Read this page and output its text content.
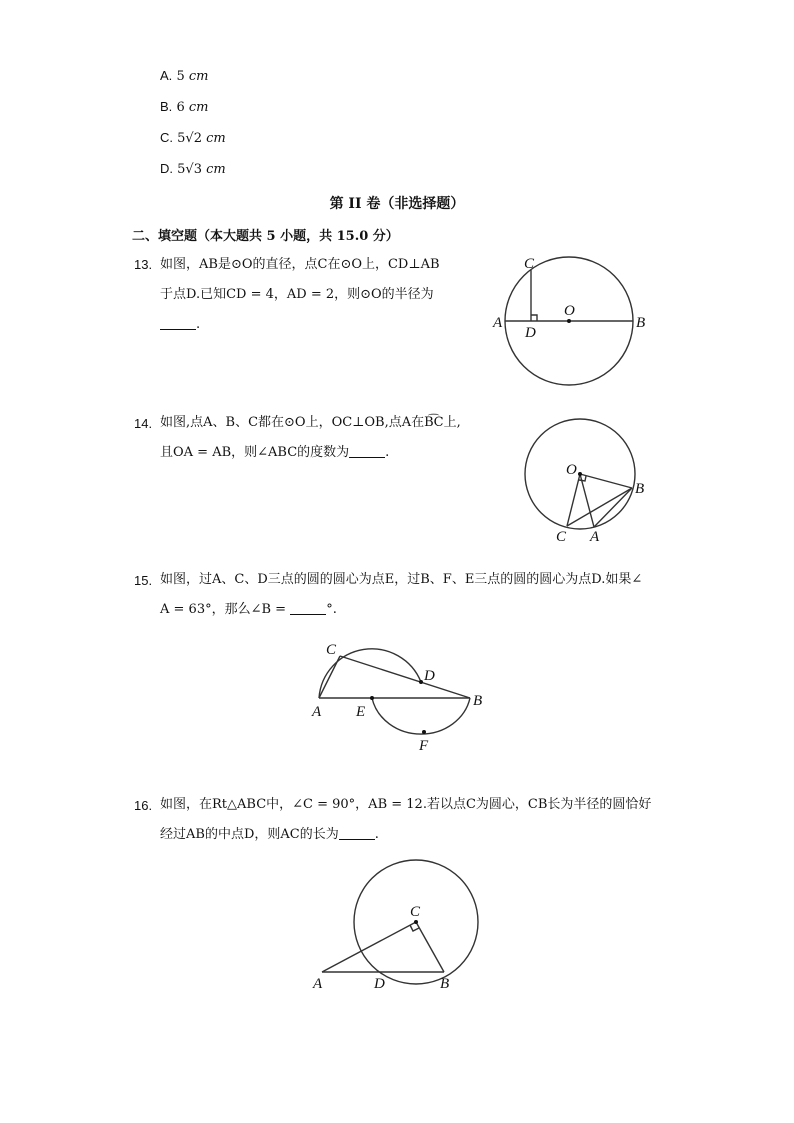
A. 5 cm
B. 6 cm
C. 5√2 cm
D. 5√3 cm
第 II 卷（非选择题）
二、填空题（本大题共 5 小题，共 15.0 分）
13. 如图，AB是⊙O的直径，点C在⊙O上，CD⊥AB
于点D.已知CD = 4，AD = 2，则⊙O的半径为
.
C
O
A
D
B
14. 如图,点A、B、C都在⊙O上，OC⊥OB,点A在B͡C上,
且OA = AB，则∠ABC的度数为	.
O
B
C A
15. 如图，过A、C、D三点的圆的圆心为点E，过B、F、E三点的圆的圆心为点D.如果∠
A = 63°，那么∠B =	°.
C
D
A E
B
F
16. 如图，在Rt△ABC中，∠C = 90°，AB = 12.若以点C为圆心，CB长为半径的圆恰好
经过AB的中点D，则AC的长为	.
C
A	D	B
